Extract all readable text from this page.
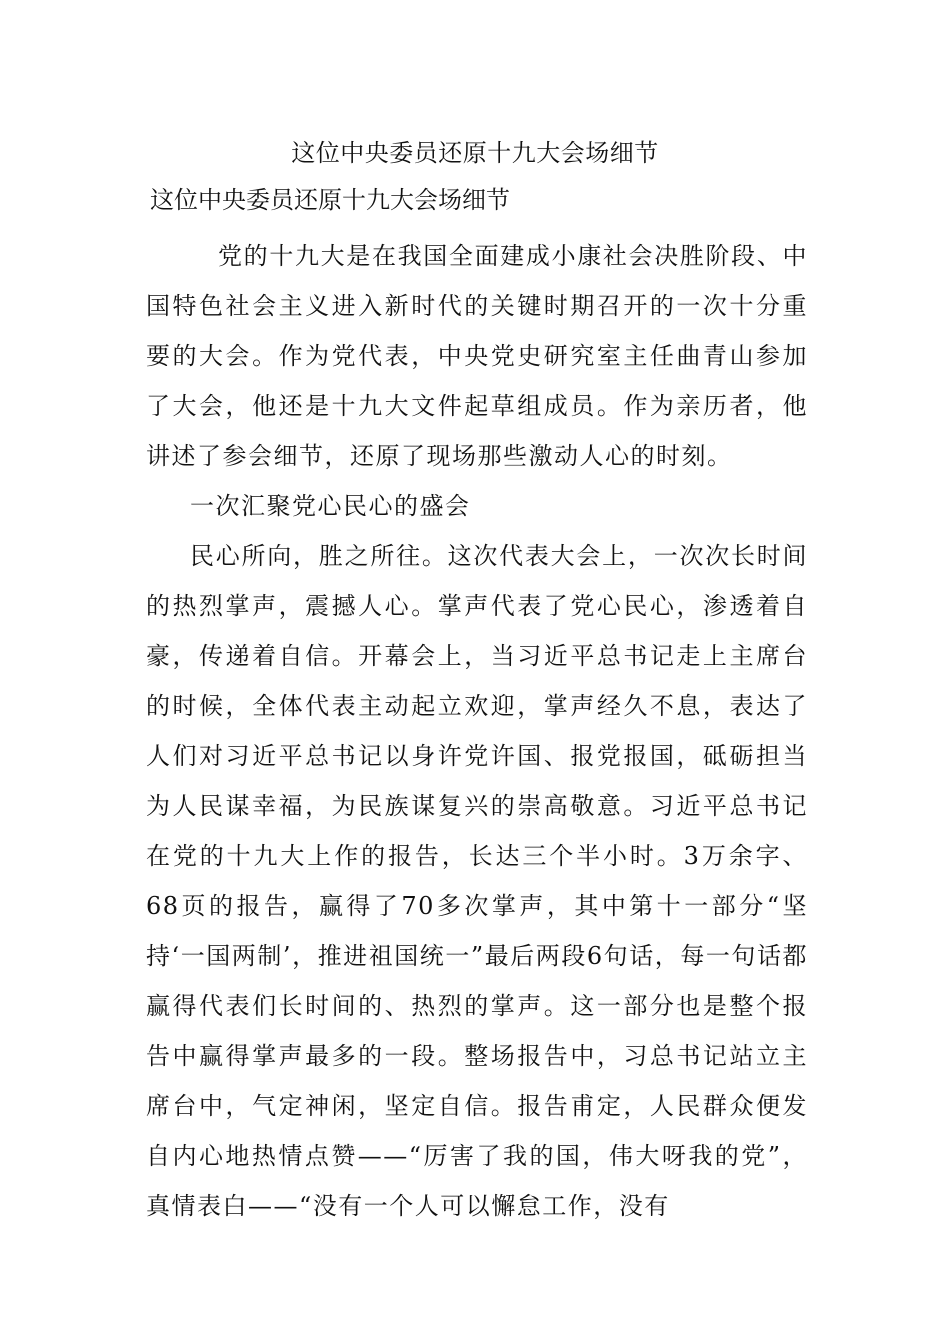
这位中央委员还原十九大会场细节
这位中央委员还原十九大会场细节

党的十九大是在我国全面建成小康社会决胜阶段、中国特色社会主义进入新时代的关键时期召开的一次十分重要的大会。作为党代表，中央党史研究室主任曲青山参加了大会，他还是十九大文件起草组成员。作为亲历者，他讲述了参会细节，还原了现场那些激动人心的时刻。

一次汇聚党心民心的盛会

民心所向，胜之所往。这次代表大会上，一次次长时间的热烈掌声，震撼人心。掌声代表了党心民心，渗透着自豪，传递着自信。开幕会上，当习近平总书记走上主席台的时候，全体代表主动起立欢迎，掌声经久不息，表达了人们对习近平总书记以身许党许国、报党报国，砥砺担当为人民谋幸福，为民族谋复兴的崇高敬意。习近平总书记在党的十九大上作的报告，长达三个半小时。3万余字、68页的报告，赢得了70多次掌声，其中第十一部分“坚持‘一国两制’，推进祖国统一”最后两段6句话，每一句话都赢得代表们长时间的、热烈的掌声。这一部分也是整个报告中赢得掌声最多的一段。整场报告中，习总书记站立主席台中，气定神闲，坚定自信。报告甫定，人民群众便发自内心地热情点赞——“厉害了我的国，伟大呀我的党”，真情表白——“没有一个人可以懈怠工作，没有
